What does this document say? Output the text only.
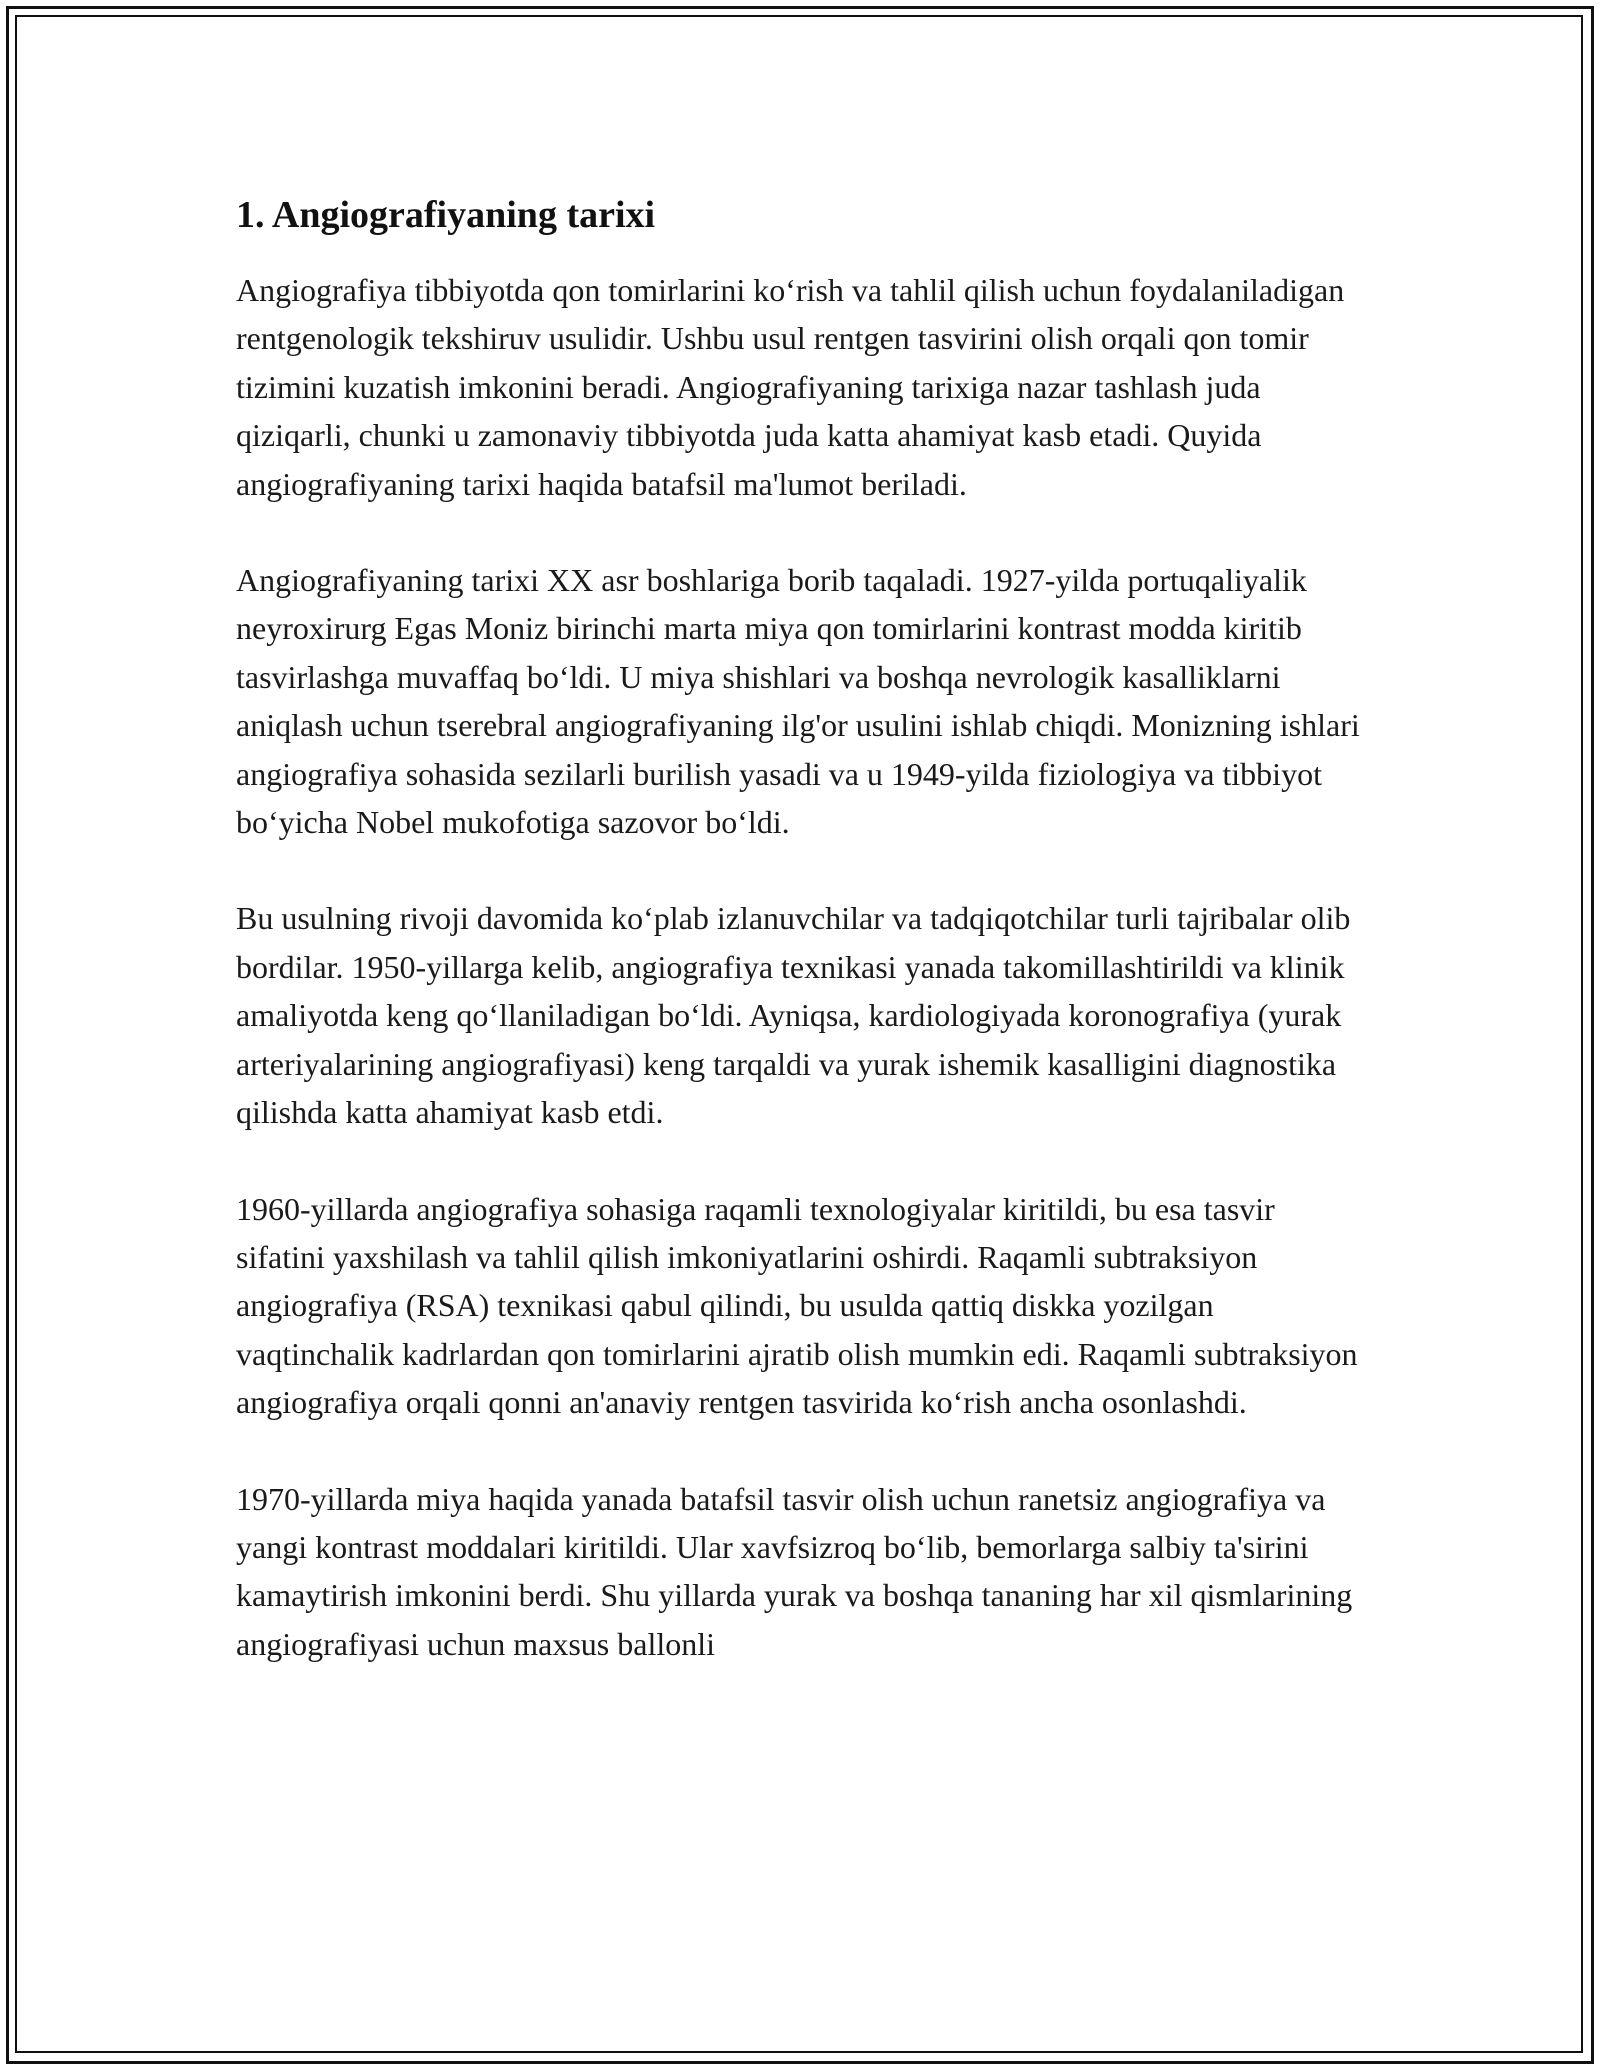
1. Angiografiyaning tarixi

Angiografiya tibbiyotda qon tomirlarini ko‘rish va tahlil qilish uchun foydalaniladigan rentgenologik tekshiruv usulidir. Ushbu usul rentgen tasvirini olish orqali qon tomir tizimini kuzatish imkonini beradi. Angiografiyaning tarixiga nazar tashlash juda qiziqarli, chunki u zamonaviy tibbiyotda juda katta ahamiyat kasb etadi. Quyida angiografiyaning tarixi haqida batafsil ma'lumot beriladi.

Angiografiyaning tarixi XX asr boshlariga borib taqaladi. 1927-yilda portuqaliyalik neyroxirurg Egas Moniz birinchi marta miya qon tomirlarini kontrast modda kiritib tasvirlashga muvaffaq bo‘ldi. U miya shishlari va boshqa nevrologik kasalliklarni aniqlash uchun tserebral angiografiyaning ilg'or usulini ishlab chiqdi. Monizning ishlari angiografiya sohasida sezilarli burilish yasadi va u 1949-yilda fiziologiya va tibbiyot bo‘yicha Nobel mukofotiga sazovor bo‘ldi.

Bu usulning rivoji davomida ko‘plab izlanuvchilar va tadqiqotchilar turli tajribalar olib bordilar. 1950-yillarga kelib, angiografiya texnikasi yanada takomillashtirildi va klinik amaliyotda keng qo‘llaniladigan bo‘ldi. Ayniqsa, kardiologiyada koronografiya (yurak arteriyalarining angiografiyasi) keng tarqaldi va yurak ishemik kasalligini diagnostika qilishda katta ahamiyat kasb etdi.

1960-yillarda angiografiya sohasiga raqamli texnologiyalar kiritildi, bu esa tasvir sifatini yaxshilash va tahlil qilish imkoniyatlarini oshirdi. Raqamli subtraksiyon angiografiya (RSA) texnikasi qabul qilindi, bu usulda qattiq diskka yozilgan vaqtinchalik kadrlardan qon tomirlarini ajratib olish mumkin edi. Raqamli subtraksiyon angiografiya orqali qonni an'anaviy rentgen tasvirida ko‘rish ancha osonlashdi.

1970-yillarda miya haqida yanada batafsil tasvir olish uchun ranetsiz angiografiya va yangi kontrast moddalari kiritildi. Ular xavfsizroq bo‘lib, bemorlarga salbiy ta'sirini kamaytirish imkonini berdi. Shu yillarda yurak va boshqa tananing har xil qismlarining angiografiyasi uchun maxsus ballonli
